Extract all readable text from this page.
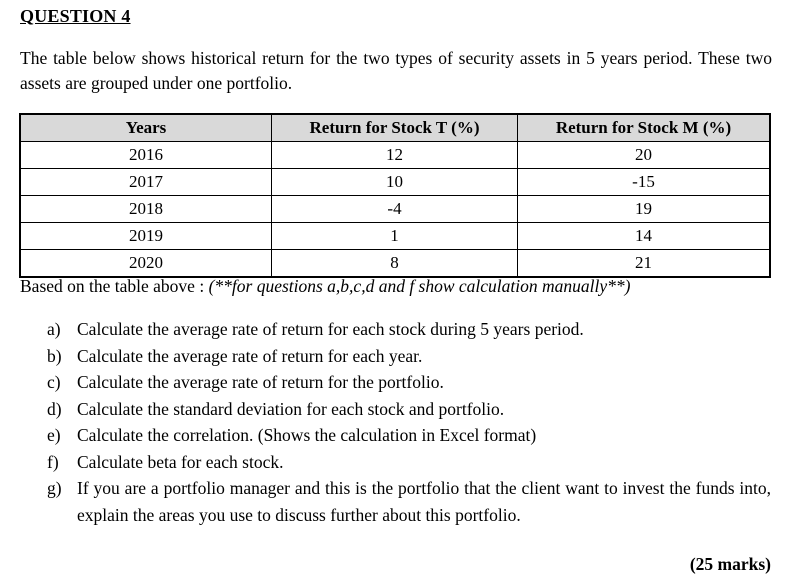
QUESTION 4
The table below shows historical return for the two types of security assets in 5 years period. These two assets are grouped under one portfolio.
Years	Return for Stock T (%)	Return for Stock M (%)
2016	12	20
2017	10	-15
2018	-4	19
2019	1	14
2020	8	21
Based on the table above : (**for questions a,b,c,d and f show calculation manually**)
a) Calculate the average rate of return for each stock during 5 years period.
b) Calculate the average rate of return for each year.
c) Calculate the average rate of return for the portfolio.
d) Calculate the standard deviation for each stock and portfolio.
e) Calculate the correlation. (Shows the calculation in Excel format)
f)	Calculate beta for each stock.
g) If you are a portfolio manager and this is the portfolio that the client want to invest the funds into, explain the areas you use to discuss further about this portfolio.
(25 marks)
